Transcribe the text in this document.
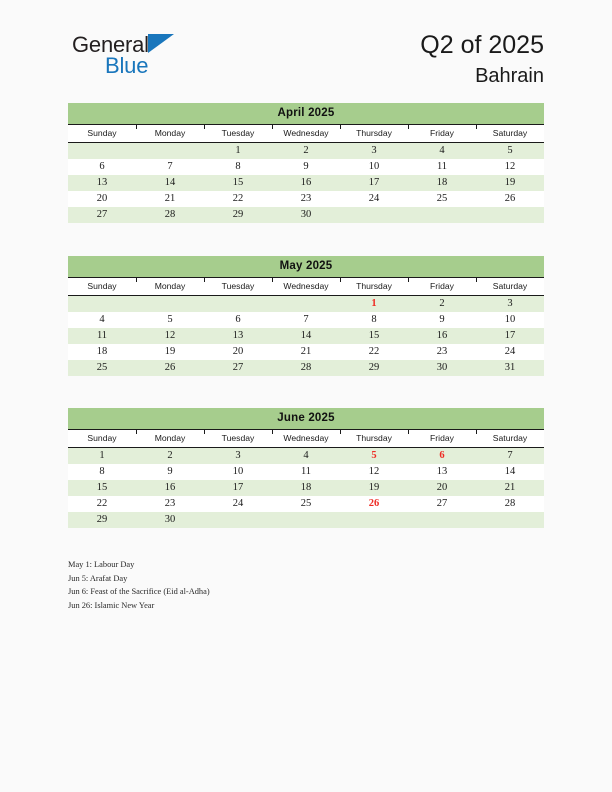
General
Blue
Q2 of 2025
Bahrain
April 2025
Sunday	Monday	Tuesday	Wednesday	Thursday	Friday	Saturday
		1	2	3	4	5
6	7	8	9	10	11	12
13	14	15	16	17	18	19
20	21	22	23	24	25	26
27	28	29	30			
May 2025
Sunday	Monday	Tuesday	Wednesday	Thursday	Friday	Saturday
				1	2	3
4	5	6	7	8	9	10
11	12	13	14	15	16	17
18	19	20	21	22	23	24
25	26	27	28	29	30	31
June 2025
Sunday	Monday	Tuesday	Wednesday	Thursday	Friday	Saturday
1	2	3	4	5	6	7
8	9	10	11	12	13	14
15	16	17	18	19	20	21
22	23	24	25	26	27	28
29	30					
May 1: Labour Day
Jun 5: Arafat Day
Jun 6: Feast of the Sacrifice (Eid al-Adha)
Jun 26: Islamic New Year
